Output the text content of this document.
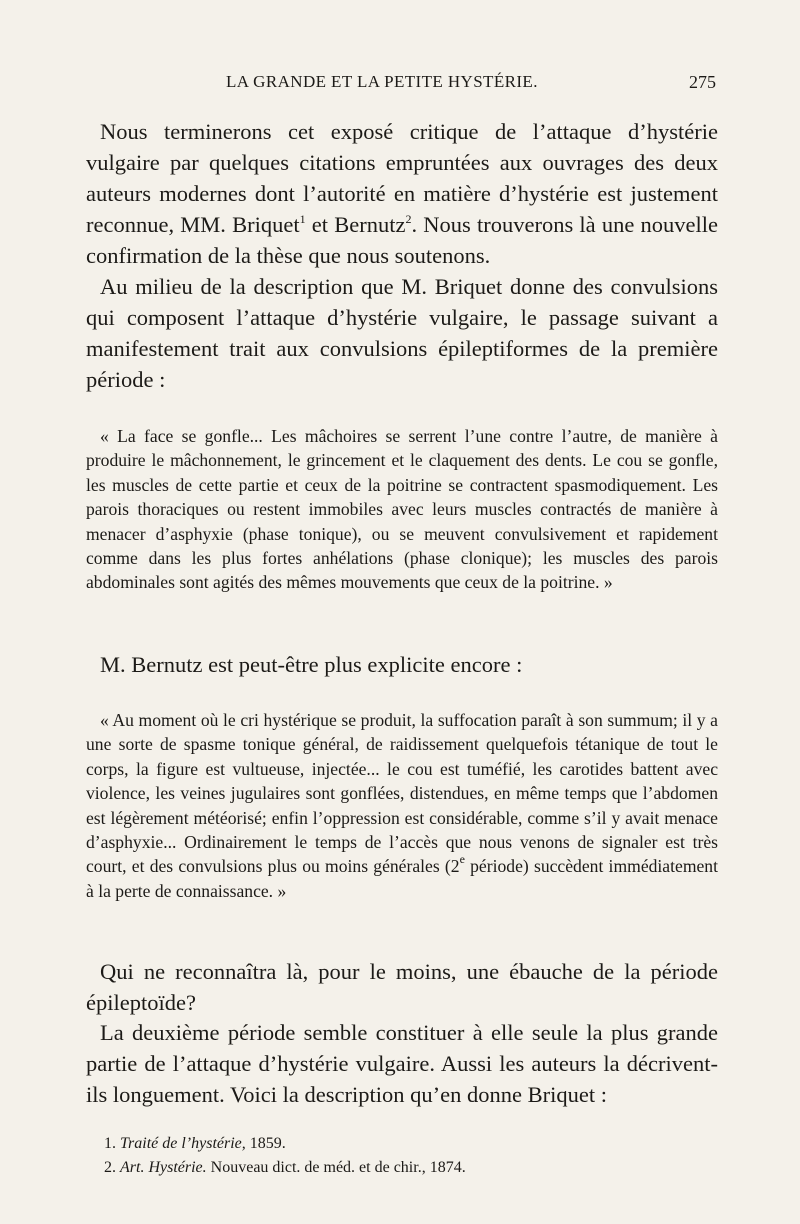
LA GRANDE ET LA PETITE HYSTÉRIE.	275

Nous terminerons cet exposé critique de l’attaque d’hystérie vulgaire par quelques citations empruntées aux ouvrages des deux auteurs modernes dont l’autorité en matière d’hystérie est justement reconnue, MM. Briquet$^1$ et Bernutz$^2$. Nous trouverons là une nouvelle confirmation de la thèse que nous soutenons.

Au milieu de la description que M. Briquet donne des convulsions qui composent l’attaque d’hystérie vulgaire, le passage suivant a manifestement trait aux convulsions épileptiformes de la première période :

« La face se gonfle... Les mâchoires se serrent l’une contre l’autre, de manière à produire le mâchonnement, le grincement et le claquement des dents. Le cou se gonfle, les muscles de cette partie et ceux de la poitrine se contractent spasmodiquement. Les parois thoraciques ou restent immobiles avec leurs muscles contractés de manière à menacer d’asphyxie (phase tonique), ou se meuvent convulsivement et rapidement comme dans les plus fortes anhélations (phase clonique); les muscles des parois abdominales sont agités des mêmes mouvements que ceux de la poitrine. »

M. Bernutz est peut-être plus explicite encore :

« Au moment où le cri hystérique se produit, la suffocation paraît à son summum; il y a une sorte de spasme tonique général, de raidissement quelquefois tétanique de tout le corps, la figure est vultueuse, injectée... le cou est tuméfié, les carotides battent avec violence, les veines jugulaires sont gonflées, distendues, en même temps que l’abdomen est légèrement météorisé; enfin l’oppression est considérable, comme s’il y avait menace d’asphyxie... Ordinairement le temps de l’accès que nous venons de signaler est très court, et des convulsions plus ou moins générales (2e période) succèdent immédiatement à la perte de connaissance. »

Qui ne reconnaîtra là, pour le moins, une ébauche de la période épileptoïde?

La deuxième période semble constituer à elle seule la plus grande partie de l’attaque d’hystérie vulgaire. Aussi les auteurs la décrivent-ils longuement. Voici la description qu’en donne Briquet :

1. Traité de l’hystérie, 1859.

2. Art. Hystérie. Nouveau dict. de méd. et de chir., 1874.
